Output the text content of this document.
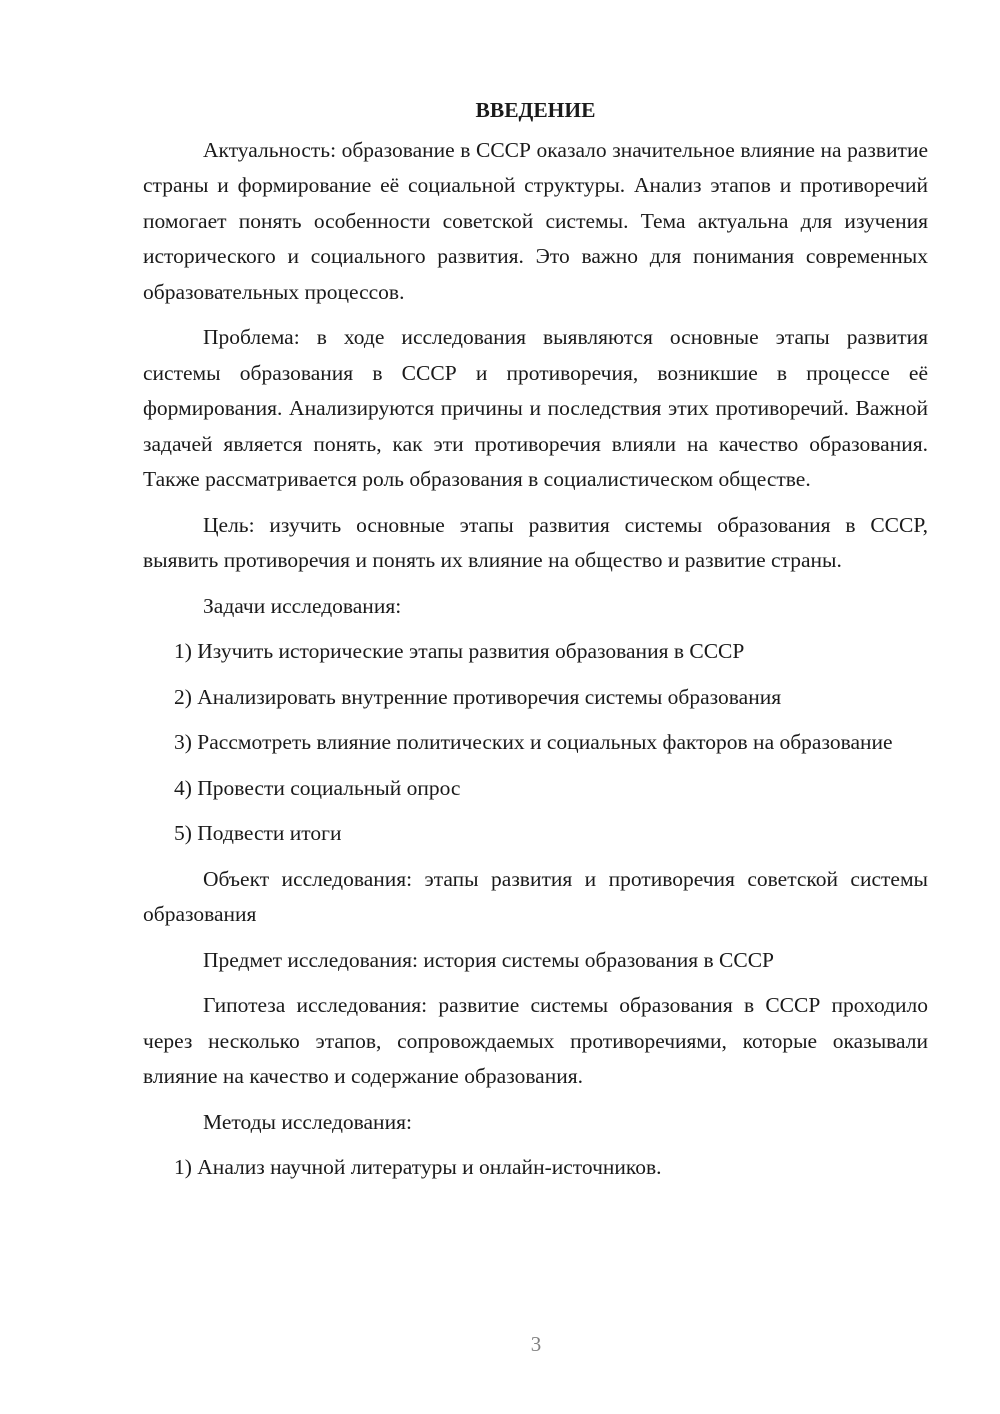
ВВЕДЕНИЕ

Актуальность: образование в СССР оказало значительное влияние на развитие страны и формирование её социальной структуры. Анализ этапов и противоречий помогает понять особенности советской системы. Тема актуальна для изучения исторического и социального развития. Это важно для понимания современных образовательных процессов.

Проблема: в ходе исследования выявляются основные этапы развития системы образования в СССР и противоречия, возникшие в процессе её формирования. Анализируются причины и последствия этих противоречий. Важной задачей является понять, как эти противоречия влияли на качество образования. Также рассматривается роль образования в социалистическом обществе.

Цель: изучить основные этапы развития системы образования в СССР, выявить противоречия и понять их влияние на общество и развитие страны.

Задачи исследования:

1) Изучить исторические этапы развития образования в СССР

2) Анализировать внутренние противоречия системы образования

3) Рассмотреть влияние политических и социальных факторов на образование

4) Провести социальный опрос

5) Подвести итоги

Объект исследования: этапы развития и противоречия советской системы образования

Предмет исследования: история системы образования в СССР

Гипотеза исследования: развитие системы образования в СССР проходило через несколько этапов, сопровождаемых противоречиями, которые оказывали влияние на качество и содержание образования.

Методы исследования:

1) Анализ научной литературы и онлайн-источников.

3
